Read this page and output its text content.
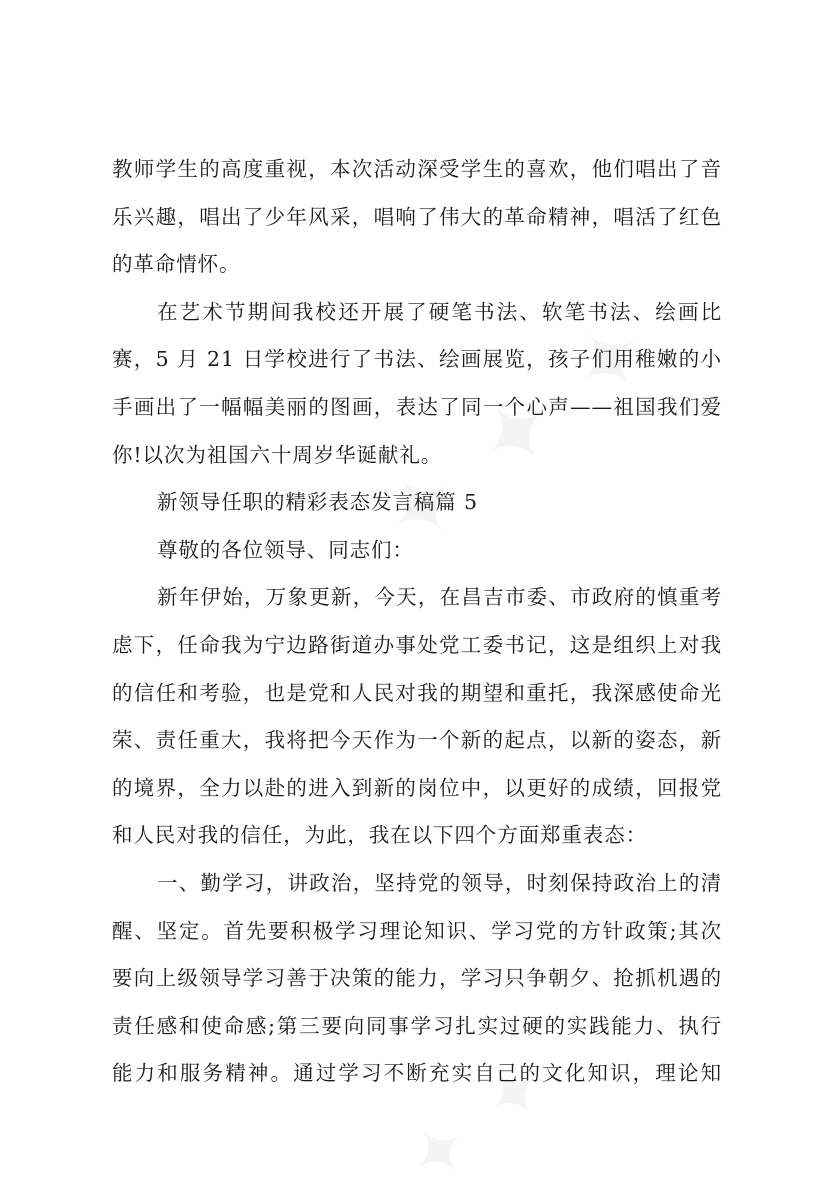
教师学生的高度重视，本次活动深受学生的喜欢，他们唱出了音
乐兴趣，唱出了少年风采，唱响了伟大的革命精神，唱活了红色
的革命情怀。
在艺术节期间我校还开展了硬笔书法、软笔书法、绘画比
赛，5 月 21 日学校进行了书法、绘画展览，孩子们用稚嫩的小
手画出了一幅幅美丽的图画，表达了同一个心声——祖国我们爱
你!以次为祖国六十周岁华诞献礼。
新领导任职的精彩表态发言稿篇 5
尊敬的各位领导、同志们：
新年伊始，万象更新，今天，在昌吉市委、市政府的慎重考
虑下，任命我为宁边路街道办事处党工委书记，这是组织上对我
的信任和考验，也是党和人民对我的期望和重托，我深感使命光
荣、责任重大，我将把今天作为一个新的起点，以新的姿态，新
的境界，全力以赴的进入到新的岗位中，以更好的成绩，回报党
和人民对我的信任，为此，我在以下四个方面郑重表态：
一、勤学习，讲政治，坚持党的领导，时刻保持政治上的清
醒、坚定。首先要积极学习理论知识、学习党的方针政策;其次
要向上级领导学习善于决策的能力，学习只争朝夕、抢抓机遇的
责任感和使命感;第三要向同事学习扎实过硬的实践能力、执行
能力和服务精神。通过学习不断充实自己的文化知识，理论知
